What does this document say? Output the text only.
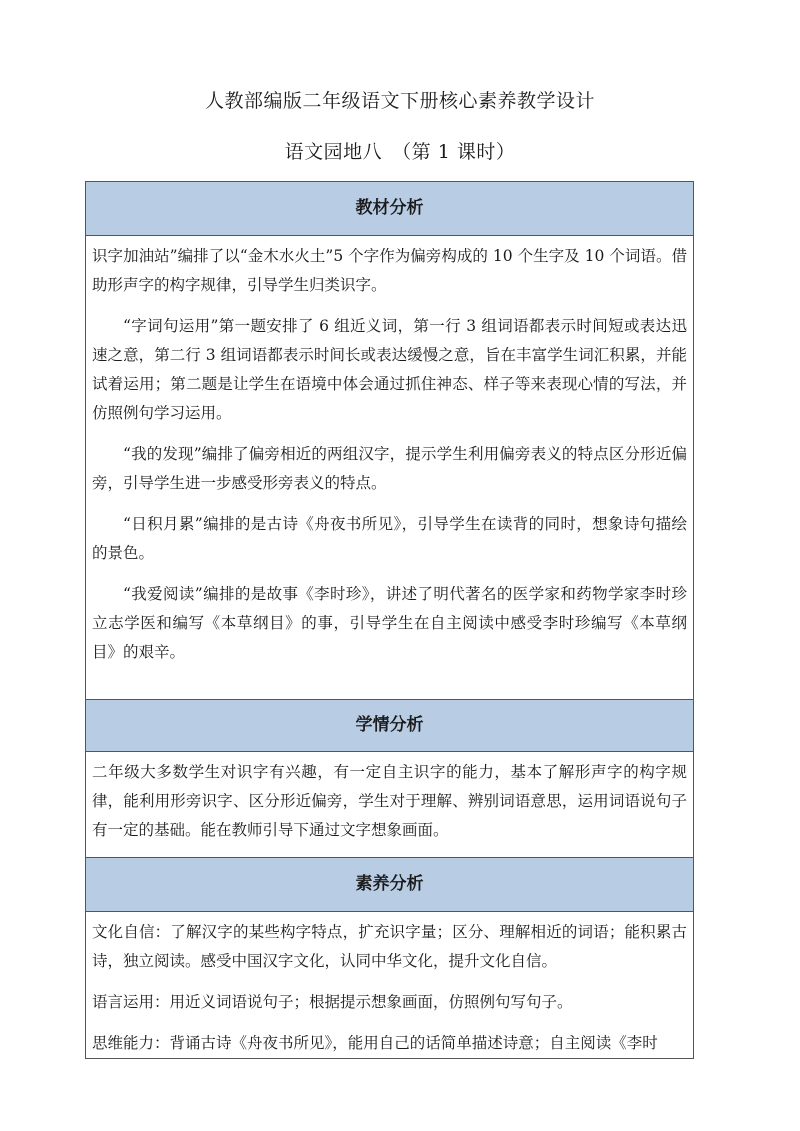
人教部编版二年级语文下册核心素养教学设计
语文园地八　（第 1 课时）
教材分析

识字加油站”编排了以“金木水火土”5 个字作为偏旁构成的 10 个生字及 10 个词语。借助形声字的构字规律，引导学生归类识字。

“字词句运用”第一题安排了 6 组近义词，第一行 3 组词语都表示时间短或表达迅速之意，第二行 3 组词语都表示时间长或表达缓慢之意，旨在丰富学生词汇积累，并能试着运用；第二题是让学生在语境中体会通过抓住神态、样子等来表现心情的写法，并仿照例句学习运用。

“我的发现”编排了偏旁相近的两组汉字，提示学生利用偏旁表义的特点区分形近偏旁，引导学生进一步感受形旁表义的特点。

“日积月累”编排的是古诗《舟夜书所见》，引导学生在读背的同时，想象诗句描绘的景色。

“我爱阅读”编排的是故事《李时珍》，讲述了明代著名的医学家和药物学家李时珍立志学医和编写《本草纲目》的事，引导学生在自主阅读中感受李时珍编写《本草纲目》的艰辛。

学情分析

二年级大多数学生对识字有兴趣，有一定自主识字的能力，基本了解形声字的构字规律，能利用形旁识字、区分形近偏旁，学生对于理解、辨别词语意思，运用词语说句子有一定的基础。能在教师引导下通过文字想象画面。

素养分析

文化自信：了解汉字的某些构字特点，扩充识字量；区分、理解相近的词语；能积累古诗，独立阅读。感受中国汉字文化，认同中华文化，提升文化自信。

语言运用：用近义词语说句子；根据提示想象画面，仿照例句写句子。

思维能力：背诵古诗《舟夜书所见》，能用自己的话简单描述诗意；自主阅读《李时
